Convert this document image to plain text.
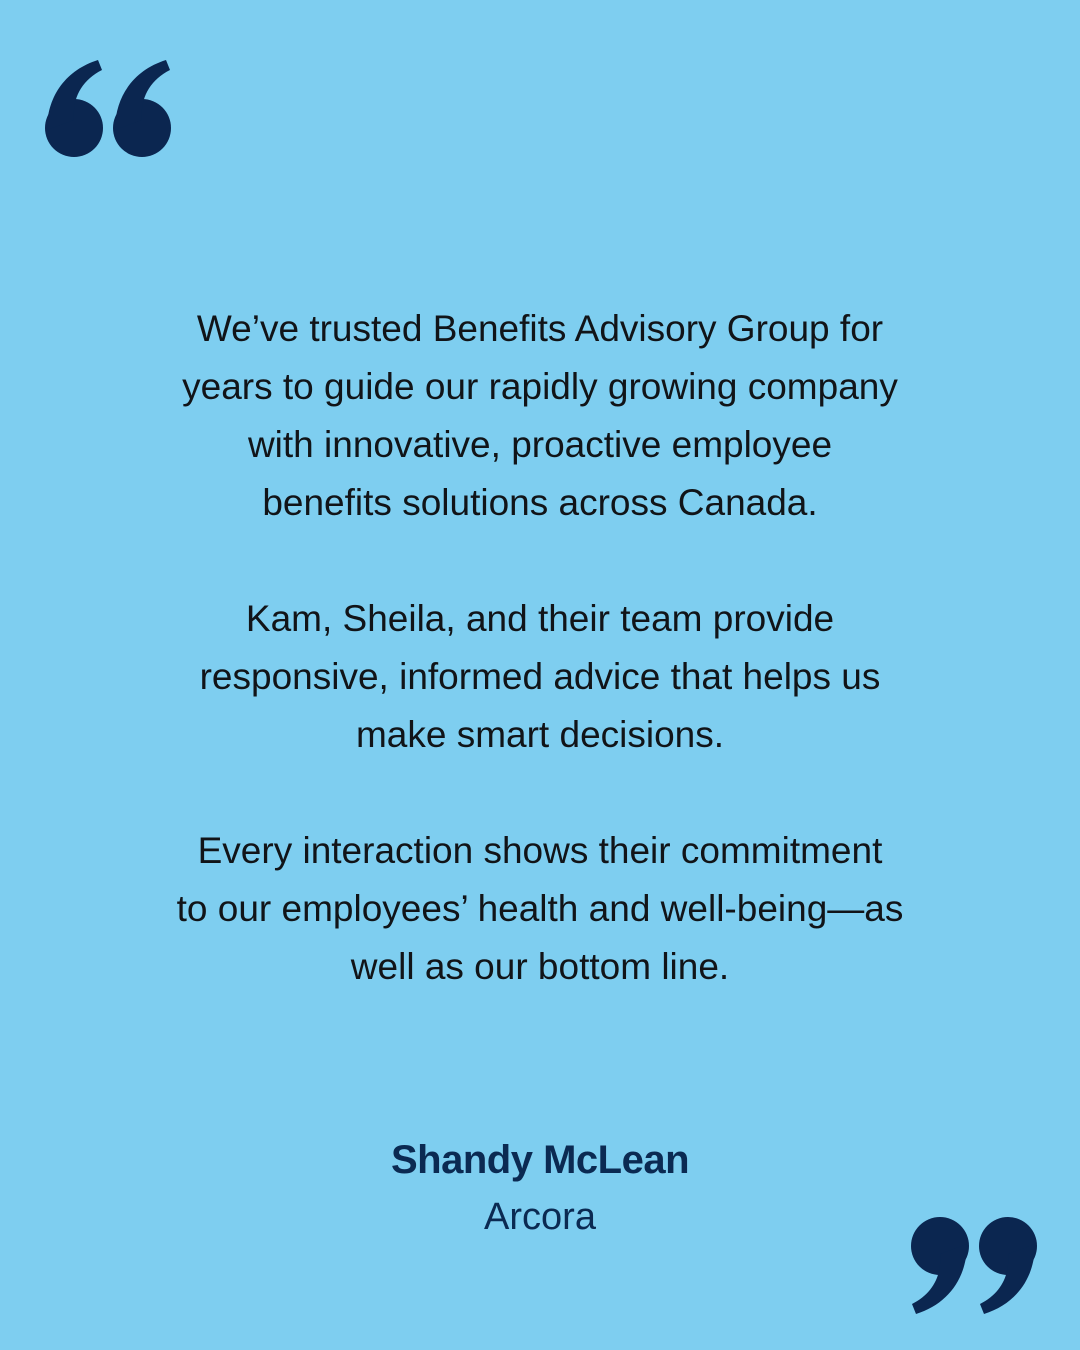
We’ve trusted Benefits Advisory Group for
years to guide our rapidly growing company
with innovative, proactive employee
benefits solutions across Canada.

Kam, Sheila, and their team provide
responsive, informed advice that helps us
make smart decisions.

Every interaction shows their commitment
to our employees’ health and well-being—as
well as our bottom line.

Shandy McLean
Arcora
